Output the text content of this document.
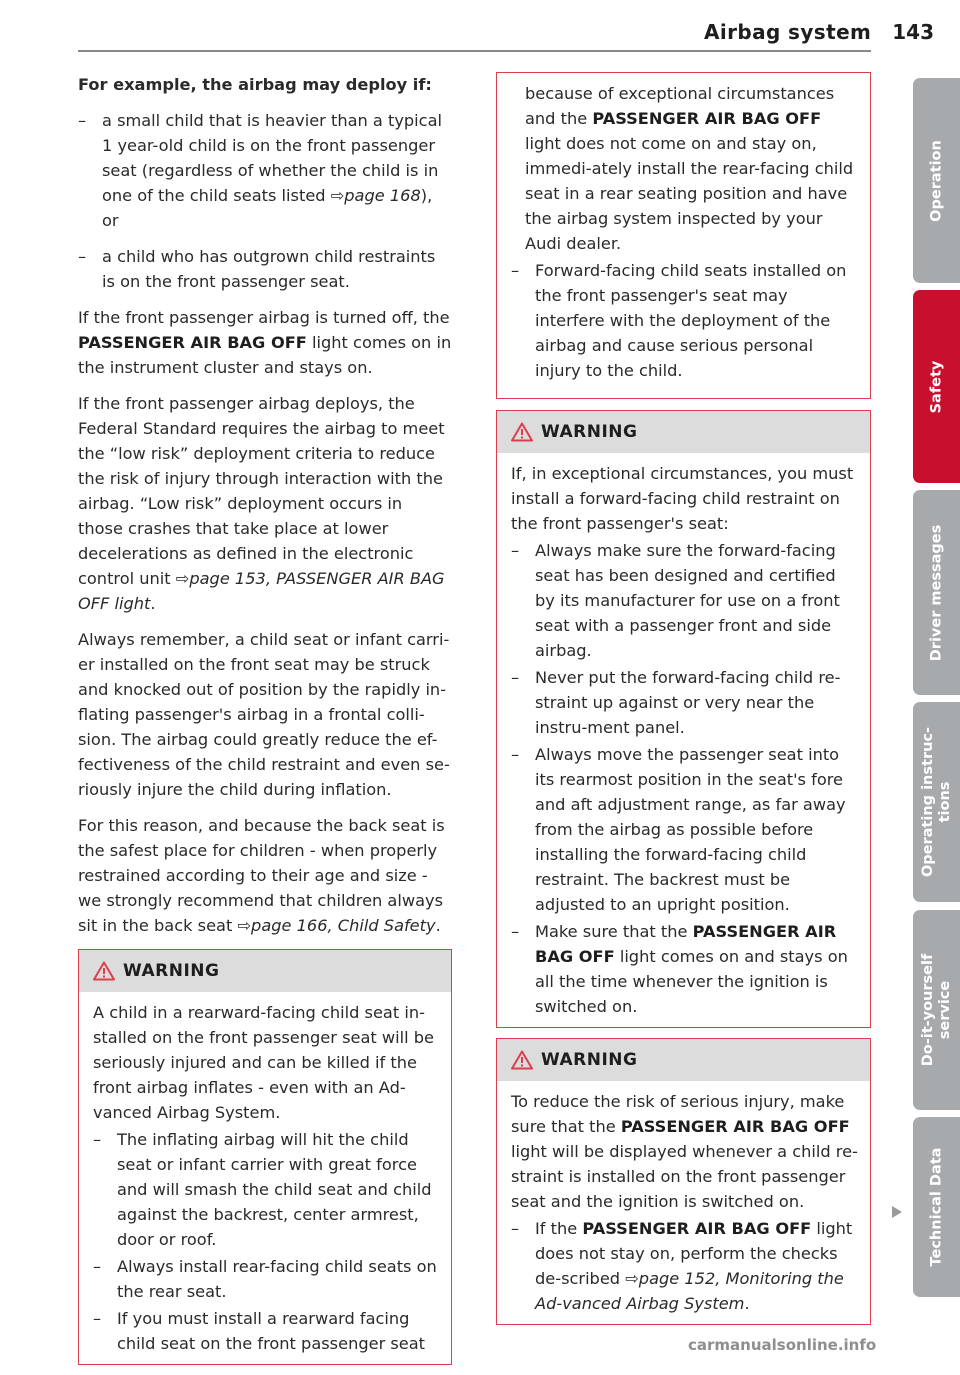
Airbag system 143

For example, the airbag may deploy if:

– a small child that is heavier than a typical 1 year-old child is on the front passenger seat (regardless of whether the child is in one of the child seats listed ⇨page 168), or

– a child who has outgrown child restraints is on the front passenger seat.

If the front passenger airbag is turned off, the PASSENGER AIR BAG OFF light comes on in the instrument cluster and stays on.

If the front passenger airbag deploys, the Federal Standard requires the airbag to meet the “low risk” deployment criteria to reduce the risk of injury through interaction with the airbag. “Low risk” deployment occurs in those crashes that take place at lower decelerations as defined in the electronic control unit ⇨page 153, PASSENGER AIR BAG OFF light.

Always remember, a child seat or infant carri-er installed on the front seat may be struck and knocked out of position by the rapidly in-flating passenger's airbag in a frontal colli-sion. The airbag could greatly reduce the ef-fectiveness of the child restraint and even se-riously injure the child during inflation.

For this reason, and because the back seat is the safest place for children - when properly restrained according to their age and size - we strongly recommend that children always sit in the back seat ⇨page 166, Child Safety.

WARNING

A child in a rearward-facing child seat in-stalled on the front passenger seat will be seriously injured and can be killed if the front airbag inflates - even with an Ad-vanced Airbag System.

– The inflating airbag will hit the child seat or infant carrier with great force and will smash the child seat and child against the backrest, center armrest, door or roof.

– Always install rear-facing child seats on the rear seat.

– If you must install a rearward facing child seat on the front passenger seat

because of exceptional circumstances and the PASSENGER AIR BAG OFF light does not come on and stay on, immedi-ately install the rear-facing child seat in a rear seating position and have the airbag system inspected by your Audi dealer.

– Forward-facing child seats installed on the front passenger's seat may interfere with the deployment of the airbag and cause serious personal injury to the child.

WARNING

If, in exceptional circumstances, you must install a forward-facing child restraint on the front passenger's seat:

– Always make sure the forward-facing seat has been designed and certified by its manufacturer for use on a front seat with a passenger front and side airbag.

– Never put the forward-facing child re-straint up against or very near the instru-ment panel.

– Always move the passenger seat into its rearmost position in the seat's fore and aft adjustment range, as far away from the airbag as possible before installing the forward-facing child restraint. The backrest must be adjusted to an upright position.

– Make sure that the PASSENGER AIR BAG OFF light comes on and stays on all the time whenever the ignition is switched on.

WARNING

To reduce the risk of serious injury, make sure that the PASSENGER AIR BAG OFF light will be displayed whenever a child re-straint is installed on the front passenger seat and the ignition is switched on.

– If the PASSENGER AIR BAG OFF light does not stay on, perform the checks de-scribed ⇨page 152, Monitoring the Ad-vanced Airbag System.

Operation
Safety
Driver messages
Operating instruc-
tions
Do-it-yourself
service
Technical Data
carmanualsonline.info
